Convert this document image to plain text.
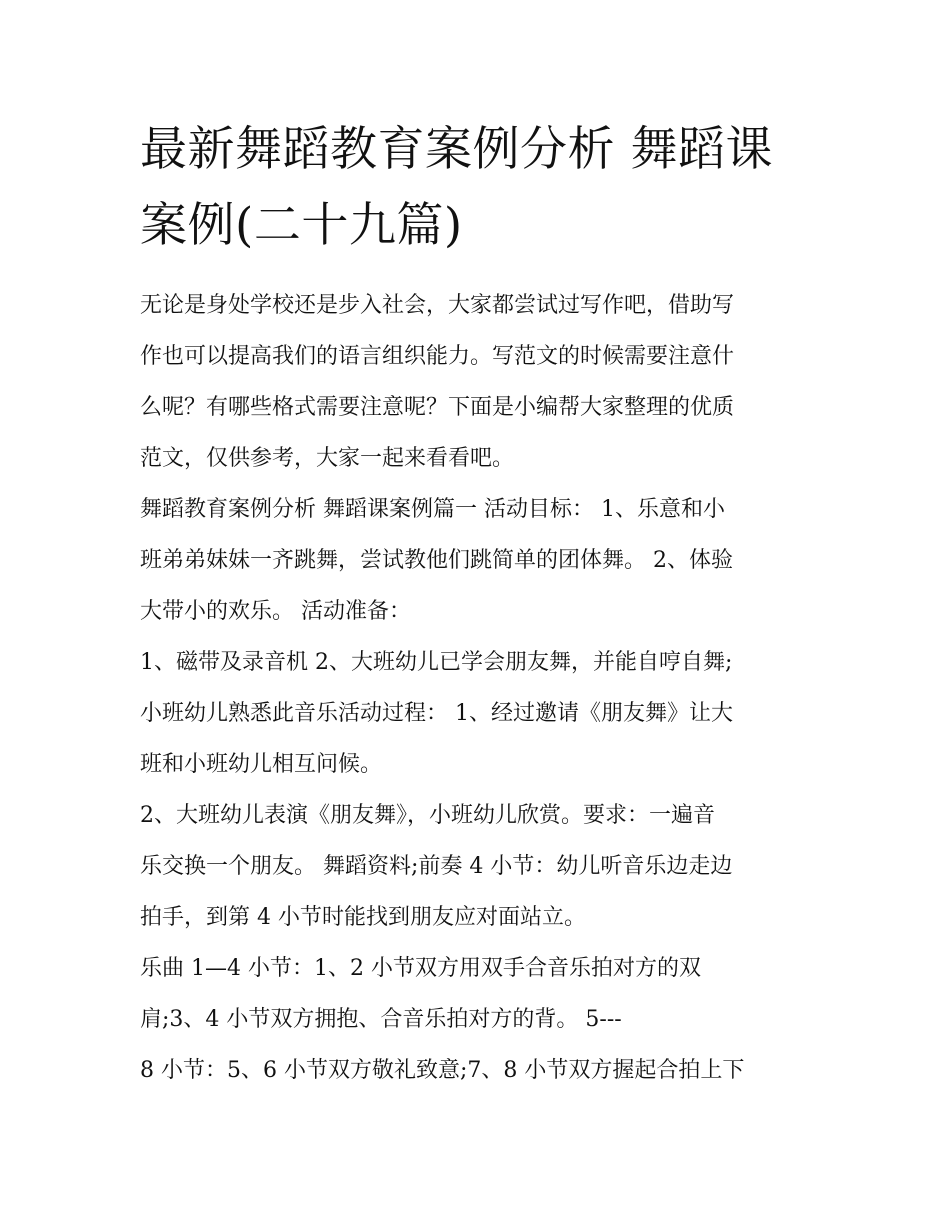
最新舞蹈教育案例分析 舞蹈课
案例(二十九篇)
无论是身处学校还是步入社会，大家都尝试过写作吧，借助写
作也可以提高我们的语言组织能力。写范文的时候需要注意什
么呢？有哪些格式需要注意呢？下面是小编帮大家整理的优质
范文，仅供参考，大家一起来看看吧。
舞蹈教育案例分析 舞蹈课案例篇一 活动目标： 1、乐意和小
班弟弟妹妹一齐跳舞，尝试教他们跳简单的团体舞。 2、体验
大带小的欢乐。 活动准备：
1、磁带及录音机 2、大班幼儿已学会朋友舞，并能自哼自舞;
小班幼儿熟悉此音乐活动过程： 1、经过邀请《朋友舞》让大
班和小班幼儿相互问候。
2、大班幼儿表演《朋友舞》，小班幼儿欣赏。要求：一遍音
乐交换一个朋友。 舞蹈资料;前奏 4 小节：幼儿听音乐边走边
拍手，到第 4 小节时能找到朋友应对面站立。
乐曲 1—4 小节：1、2 小节双方用双手合音乐拍对方的双
肩;3、4 小节双方拥抱、合音乐拍对方的背。 5---
8 小节：5、6 小节双方敬礼致意;7、8 小节双方握起合拍上下
